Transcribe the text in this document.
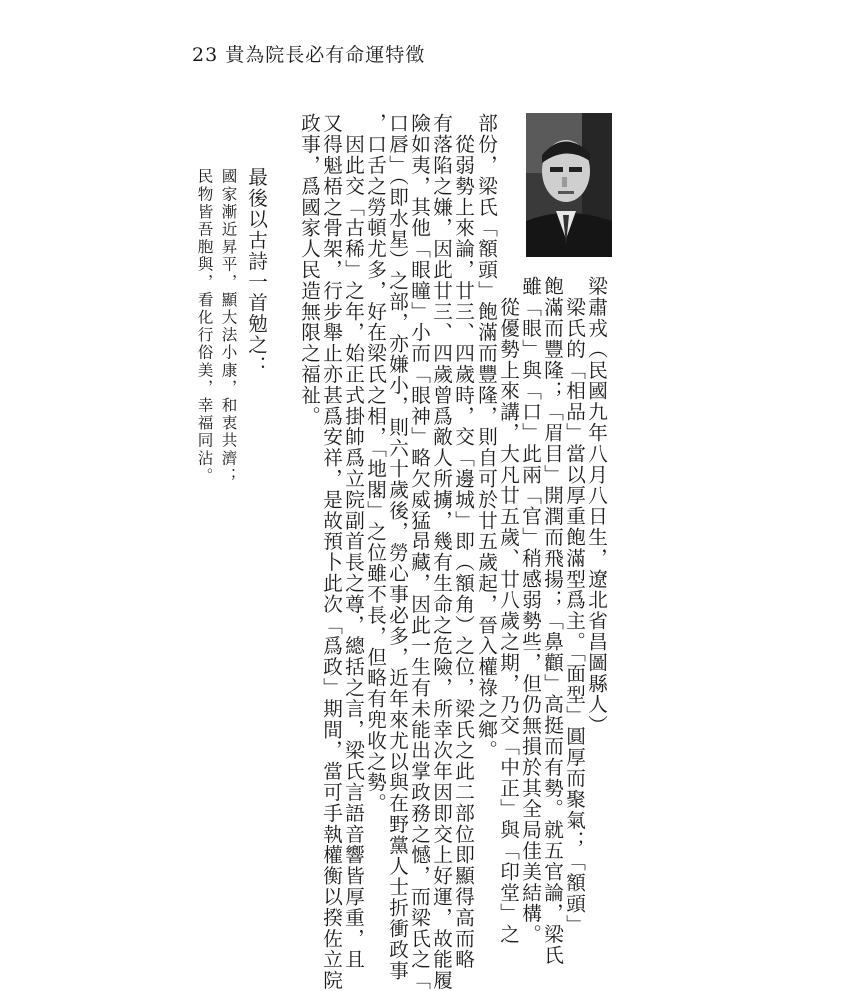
23 貴為院長必有命運特徵
梁肅戎（民國九年八月八日生，遼北省昌圖縣人）
　梁氏的「相品」當以厚重飽滿型爲主。「面型」圓厚而聚氣；「額頭」
飽滿而豐隆；「眉目」開潤而飛揚；「鼻顴」高挺而有勢。就五官論，梁氏
雖「眼」與「口」此兩「官」稍感弱勢些，但仍無損於其全局佳美結構。
　從優勢上來講，大凡廿五歲、廿八歲之期，乃交「中正」與「印堂」之
部份，梁氏「額頭」飽滿而豐隆，則自可於廿五歲起，晉入權祿之鄉。
　從弱勢上來論，廿三、四歲時，交「邊城」即（額角）之位，梁氏之此二部位即顯得高而略
有落陷之嫌，因此廿三、四歲曾爲敵人所擄，幾有生命之危險，所幸次年因即交上好運，故能履
險如夷，其他「眼瞳」小而「眼神」略欠威猛昂藏，因此一生有未能出掌政務之憾，而梁氏之「
口唇」（即水星）之部，亦嫌小，則六十歲後，勞心事必多，近年來尤以與在野黨人士折衝政事
，口舌之勞頓尤多，好在梁氏之相，「地閣」之位雖不長，但略有兜收之勢。
　因此交「古稀」之年，始正式掛帥爲立院副首長之尊，總括之言，梁氏言語音響皆厚重，且
又得魁梧之骨架，行步舉止亦甚爲安祥，是故預卜此次「爲政」期間，當可手執權衡以揆佐立院
政事，爲國家人民造無限之福祉。
最後以古詩一首勉之：
國家漸近昇平，顯大法小康，和衷共濟；
民物皆吾胞與，看化行俗美，幸福同沾。
